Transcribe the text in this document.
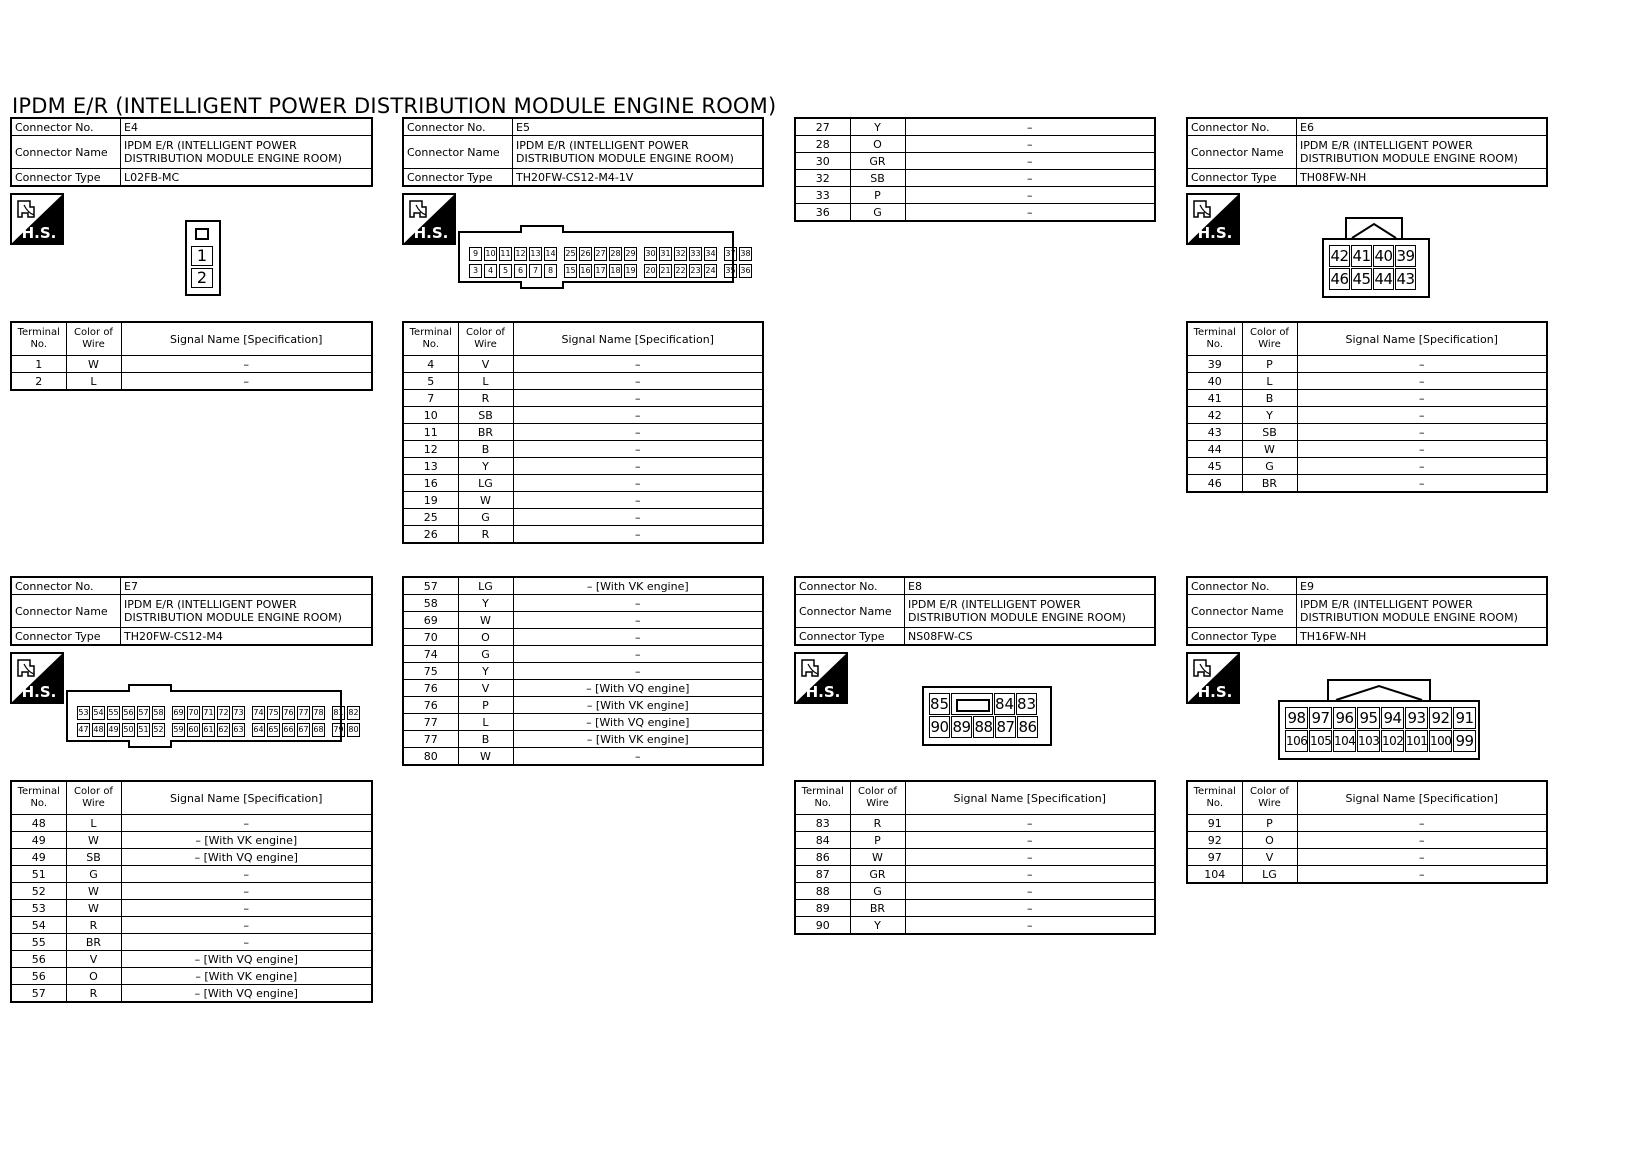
IPDM E/R (INTELLIGENT POWER DISTRIBUTION MODULE ENGINE ROOM)
Connector No.	E4
Connector Name	IPDM E/R (INTELLIGENT POWER DISTRIBUTION MODULE ENGINE ROOM)
Connector Type	L02FB-MC
H.S.
1
2
Terminal No.	Color of Wire	Signal Name [Specification]
1	W	–
2	L	–
Connector No.	E5
Connector Name	IPDM E/R (INTELLIGENT POWER DISTRIBUTION MODULE ENGINE ROOM)
Connector Type	TH20FW-CS12-M4-1V
H.S.
9 10 11 12 13 14 25 26 27 28 29 30 31 32 33 34 37 38
3 4 5 6 7 8 15 16 17 18 19 20 21 22 23 24 35 36
Terminal No.	Color of Wire	Signal Name [Specification]
4	V	–
5	L	–
7	R	–
10	SB	–
11	BR	–
12	B	–
13	Y	–
16	LG	–
19	W	–
25	G	–
26	R	–
27	Y	–
28	O	–
30	GR	–
32	SB	–
33	P	–
36	G	–
Connector No.	E6
Connector Name	IPDM E/R (INTELLIGENT POWER DISTRIBUTION MODULE ENGINE ROOM)
Connector Type	TH08FW-NH
H.S.
42 41 40 39
46 45 44 43
Terminal No.	Color of Wire	Signal Name [Specification]
39	P	–
40	L	–
41	B	–
42	Y	–
43	SB	–
44	W	–
45	G	–
46	BR	–
Connector No.	E7
Connector Name	IPDM E/R (INTELLIGENT POWER DISTRIBUTION MODULE ENGINE ROOM)
Connector Type	TH20FW-CS12-M4
H.S.
53 54 55 56 57 58 69 70 71 72 73 74 75 76 77 78 81 82
47 48 49 50 51 52 59 60 61 62 63 64 65 66 67 68 79 80
Terminal No.	Color of Wire	Signal Name [Specification]
48	L	–
49	W	– [With VK engine]
49	SB	– [With VQ engine]
51	G	–
52	W	–
53	W	–
54	R	–
55	BR	–
56	V	– [With VQ engine]
56	O	– [With VK engine]
57	R	– [With VQ engine]
57	LG	– [With VK engine]
58	Y	–
69	W	–
70	O	–
74	G	–
75	Y	–
76	V	– [With VQ engine]
76	P	– [With VK engine]
77	L	– [With VQ engine]
77	B	– [With VK engine]
80	W	–
Connector No.	E8
Connector Name	IPDM E/R (INTELLIGENT POWER DISTRIBUTION MODULE ENGINE ROOM)
Connector Type	NS08FW-CS
H.S.
85	84 83
90 89 88 87 86
Terminal No.	Color of Wire	Signal Name [Specification]
83	R	–
84	P	–
86	W	–
87	GR	–
88	G	–
89	BR	–
90	Y	–
Connector No.	E9
Connector Name	IPDM E/R (INTELLIGENT POWER DISTRIBUTION MODULE ENGINE ROOM)
Connector Type	TH16FW-NH
H.S.
98 97 96 95 94 93 92 91
106 105 104 103 102 101 100 99
Terminal No.	Color of Wire	Signal Name [Specification]
91	P	–
92	O	–
97	V	–
104	LG	–
